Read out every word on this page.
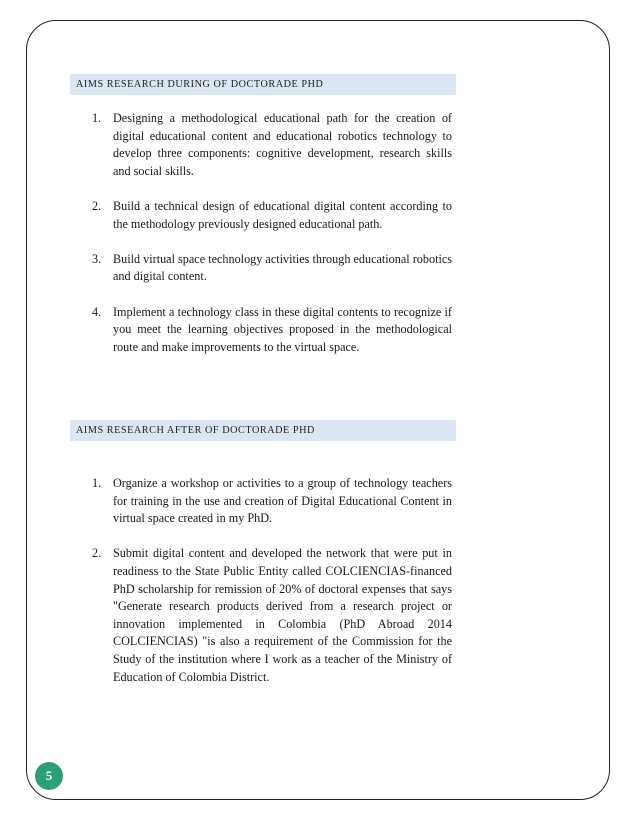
AIMS RESEARCH DURING OF DOCTORADE PHD
1. Designing a methodological educational path for the creation of digital educational content and educational robotics technology to develop three components: cognitive development, research skills and social skills.
2. Build a technical design of educational digital content according to the methodology previously designed educational path.
3. Build virtual space technology activities through educational robotics and digital content.
4. Implement a technology class in these digital contents to recognize if you meet the learning objectives proposed in the methodological route and make improvements to the virtual space.
AIMS RESEARCH AFTER OF DOCTORADE PHD
1. Organize a workshop or activities to a group of technology teachers for training in the use and creation of Digital Educational Content in virtual space created in my PhD.
2. Submit digital content and developed the network that were put in readiness to the State Public Entity called COLCIENCIAS-financed PhD scholarship for remission of 20% of doctoral expenses that says "Generate research products derived from a research project or innovation implemented in Colombia (PhD Abroad 2014 COLCIENCIAS) "is also a requirement of the Commission for the Study of the institution where I work as a teacher of the Ministry of Education of Colombia District.
5
